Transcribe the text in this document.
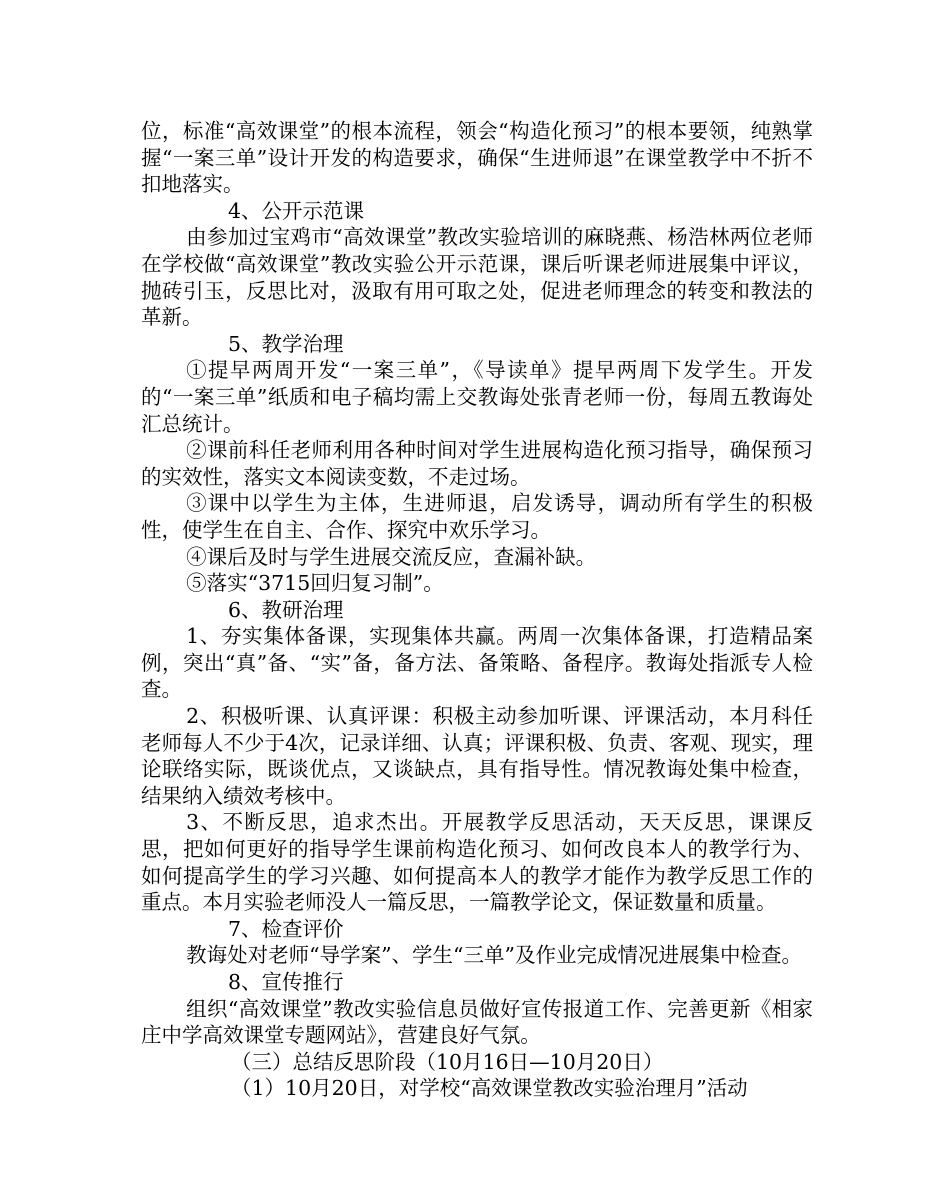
位，标准“高效课堂”的根本流程，领会“构造化预习”的根本要领，纯熟掌握“一案三单”设计开发的构造要求，确保“生进师退”在课堂教学中不折不扣地落实。

4、公开示范课

由参加过宝鸡市“高效课堂”教改实验培训的麻晓燕、杨浩林两位老师在学校做“高效课堂”教改实验公开示范课，课后听课老师进展集中评议，抛砖引玉，反思比对，汲取有用可取之处，促进老师理念的转变和教法的革新。

5、教学治理

①提早两周开发“一案三单”，《导读单》提早两周下发学生。开发的“一案三单”纸质和电子稿均需上交教诲处张青老师一份，每周五教诲处汇总统计。

②课前科任老师利用各种时间对学生进展构造化预习指导，确保预习的实效性，落实文本阅读变数，不走过场。

③课中以学生为主体，生进师退，启发诱导，调动所有学生的积极性，使学生在自主、合作、探究中欢乐学习。

④课后及时与学生进展交流反应，查漏补缺。

⑤落实“3715回归复习制”。

6、教研治理

1、夯实集体备课，实现集体共赢。两周一次集体备课，打造精品案例，突出“真”备、“实”备，备方法、备策略、备程序。教诲处指派专人检查。

2、积极听课、认真评课：积极主动参加听课、评课活动，本月科任老师每人不少于4次，记录详细、认真；评课积极、负责、客观、现实，理论联络实际，既谈优点，又谈缺点，具有指导性。情况教诲处集中检查，结果纳入绩效考核中。

3、不断反思，追求杰出。开展教学反思活动，天天反思，课课反思，把如何更好的指导学生课前构造化预习、如何改良本人的教学行为、如何提高学生的学习兴趣、如何提高本人的教学才能作为教学反思工作的重点。本月实验老师没人一篇反思，一篇教学论文，保证数量和质量。

7、检查评价

教诲处对老师“导学案”、学生“三单”及作业完成情况进展集中检查。

8、宣传推行

组织“高效课堂”教改实验信息员做好宣传报道工作、完善更新《相家庄中学高效课堂专题网站》，营建良好气氛。

（三）总结反思阶段（10月16日—10月20日）

（1）10月20日，对学校“高效课堂教改实验治理月”活动
